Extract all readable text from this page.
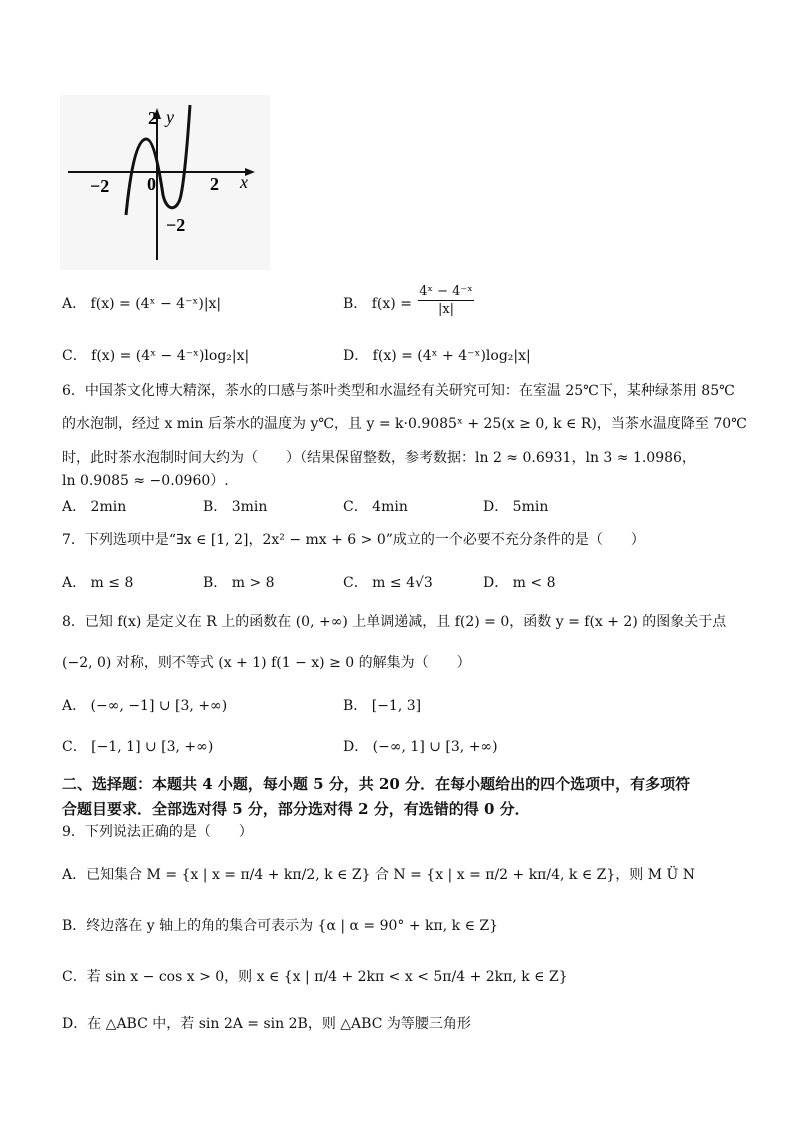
2 y
−2 0	2 x
−2
A． f(x) = (4ˣ − 4⁻ˣ)|x|	B． $f(x) = \frac{\text{4ˣ − 4⁻ˣ}}{|x|}$
C． f(x) = (4ˣ − 4⁻ˣ)log₂|x|	D． f(x) = (4ˣ + 4⁻ˣ)log₂|x|
6．中国茶文化博大精深，茶水的口感与茶叶类型和水温经有关研究可知：在室温 25℃下，某种绿茶用 85℃
的水泡制，经过 x min 后茶水的温度为 y℃，且 y = k·0.9085ˣ + 25(x ≥ 0, k ∈ R)，当茶水温度降至 70℃
时，此时茶水泡制时间大约为（　　）（结果保留整数，参考数据：ln 2 ≈ 0.6931，ln 3 ≈ 1.0986，
ln 0.9085 ≈ −0.0960）.
A． 2min	B． 3min	C． 4min	D． 5min
7．下列选项中是“∃x ∈ [1, 2]，2x² − mx + 6 > 0”成立的一个必要不充分条件的是（　　）
A． m ≤ 8	B． m > 8	C． m ≤ 4√3	D． m < 8
8．已知 f(x) 是定义在 R 上的函数在 (0, +∞) 上单调递减，且 f(2) = 0，函数 y = f(x + 2) 的图象关于点
(−2, 0) 对称，则不等式 (x + 1) f(1 − x) ≥ 0 的解集为（　　）
A． (−∞, −1] ∪ [3, +∞)	B． [−1, 3]
C． [−1, 1] ∪ [3, +∞)	D． (−∞, 1] ∪ [3, +∞)
二、选择题：本题共 4 小题，每小题 5 分，共 20 分．在每小题给出的四个选项中，有多项符
合题目要求．全部选对得 5 分，部分选对得 2 分，有选错的得 0 分．
9．下列说法正确的是（　　）
A．已知集合 M = {x | x = π/4 + kπ/2, k ∈ Z} 合 N = {x | x = π/2 + kπ/4, k ∈ Z}，则 M Ü N
B．终边落在 y 轴上的角的集合可表示为 {α | α = 90° + kπ, k ∈ Z}
C．若 sin x − cos x > 0，则 x ∈ {x | π/4 + 2kπ < x < 5π/4 + 2kπ, k ∈ Z}
D．在 △ABC 中，若 sin 2A = sin 2B，则 △ABC 为等腰三角形
